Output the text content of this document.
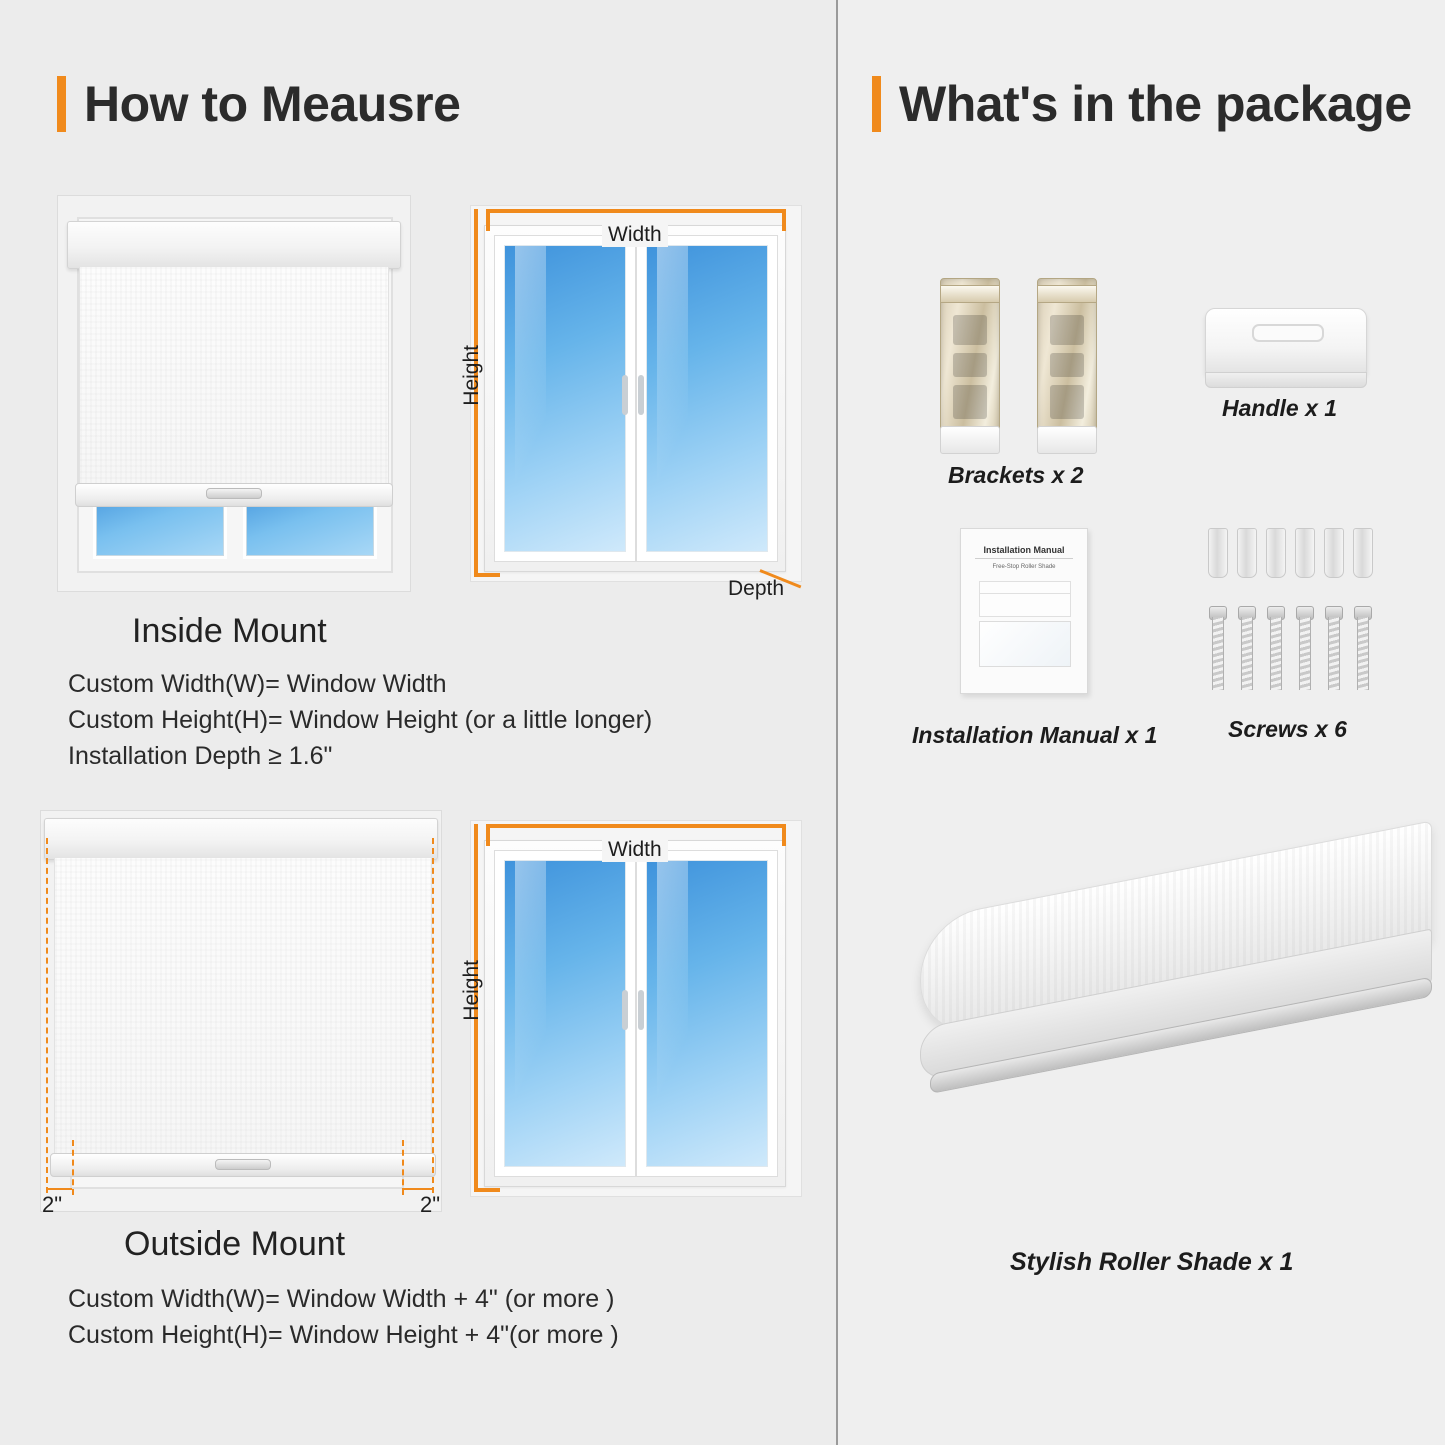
How to Meausre
Width
Height
Depth
Inside Mount
Custom Width(W)= Window Width
Custom Height(H)= Window Height (or a little longer)
Installation Depth ≥ 1.6"
2"	2"
Width
Height
Outside Mount
Custom Width(W)= Window Width + 4" (or more )
Custom Height(H)= Window Height + 4"(or more )
What's in the package
Brackets x 2
Handle x 1
Installation Manual
Free-Stop Roller Shade
Installation Manual x 1	Screws x 6
Stylish Roller Shade x 1
